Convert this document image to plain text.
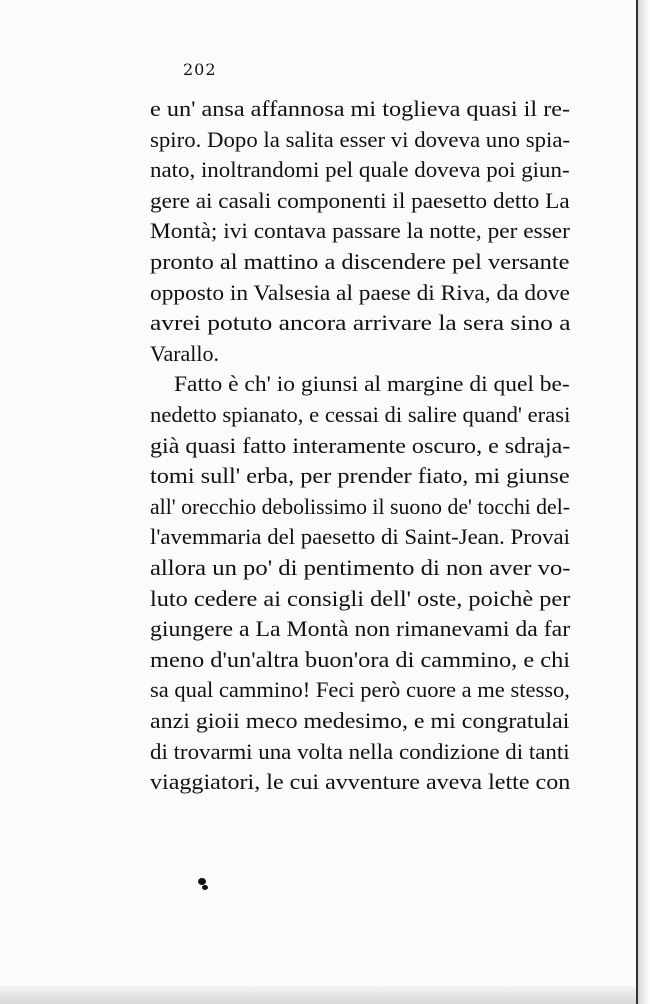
202
e un' ansa affannosa mi toglieva quasi il re-
spiro. Dopo la salita esser vi doveva uno spia-
nato, inoltrandomi pel quale doveva poi giun-
gere ai casali componenti il paesetto detto La
Montà; ivi contava passare la notte, per esser
pronto al mattino a discendere pel versante
opposto in Valsesia al paese di Riva, da dove
avrei potuto ancora arrivare la sera sino a
Varallo.
Fatto è ch' io giunsi al margine di quel be-
nedetto spianato, e cessai di salire quand' erasi
già quasi fatto interamente oscuro, e sdraja-
tomi sull' erba, per prender fiato, mi giunse
all' orecchio debolissimo il suono de' tocchi del-
l'avemmaria del paesetto di Saint-Jean. Provai
allora un po' di pentimento di non aver vo-
luto cedere ai consigli dell' oste, poichè per
giungere a La Montà non rimanevami da far
meno d'un'altra buon'ora di cammino, e chi
sa qual cammino! Feci però cuore a me stesso,
anzi gioii meco medesimo, e mi congratulai
di trovarmi una volta nella condizione di tanti
viaggiatori, le cui avventure aveva lette con
